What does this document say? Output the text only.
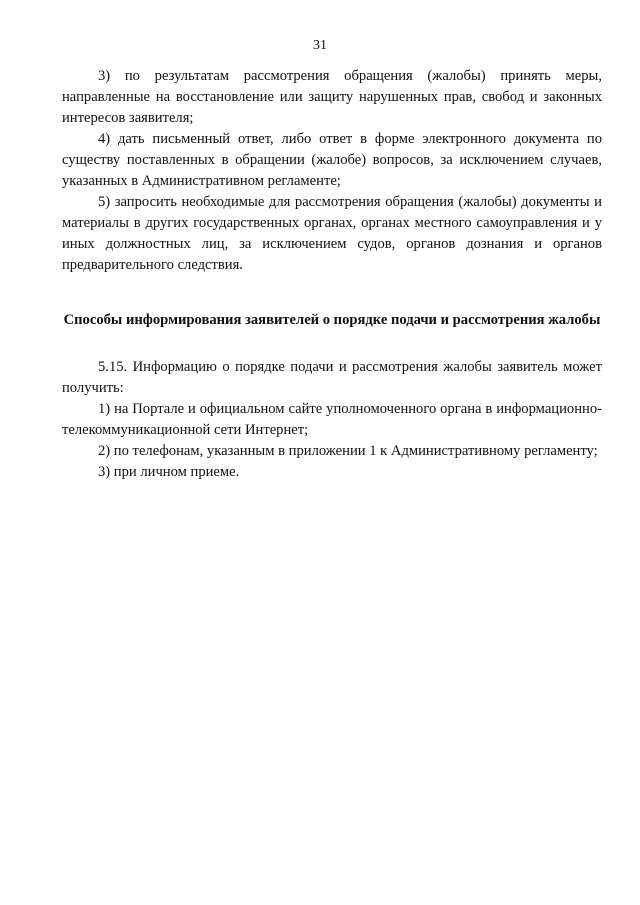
31

3) по результатам рассмотрения обращения (жалобы) принять меры, направленные на восстановление или защиту нарушенных прав, свобод и законных интересов заявителя;

4) дать письменный ответ, либо ответ в форме электронного документа по существу поставленных в обращении (жалобе) вопросов, за исключением случаев, указанных в Административном регламенте;

5) запросить необходимые для рассмотрения обращения (жалобы) документы и материалы в других государственных органах, органах местного самоуправления и у иных должностных лиц, за исключением судов, органов дознания и органов предварительного следствия.

Способы информирования заявителей о порядке подачи и рассмотрения жалобы

5.15. Информацию о порядке подачи и рассмотрения жалобы заявитель может получить:

1) на Портале и официальном сайте уполномоченного органа в информационно-телекоммуникационной сети Интернет;

2) по телефонам, указанным в приложении 1 к Административному регламенту;

3) при личном приеме.
